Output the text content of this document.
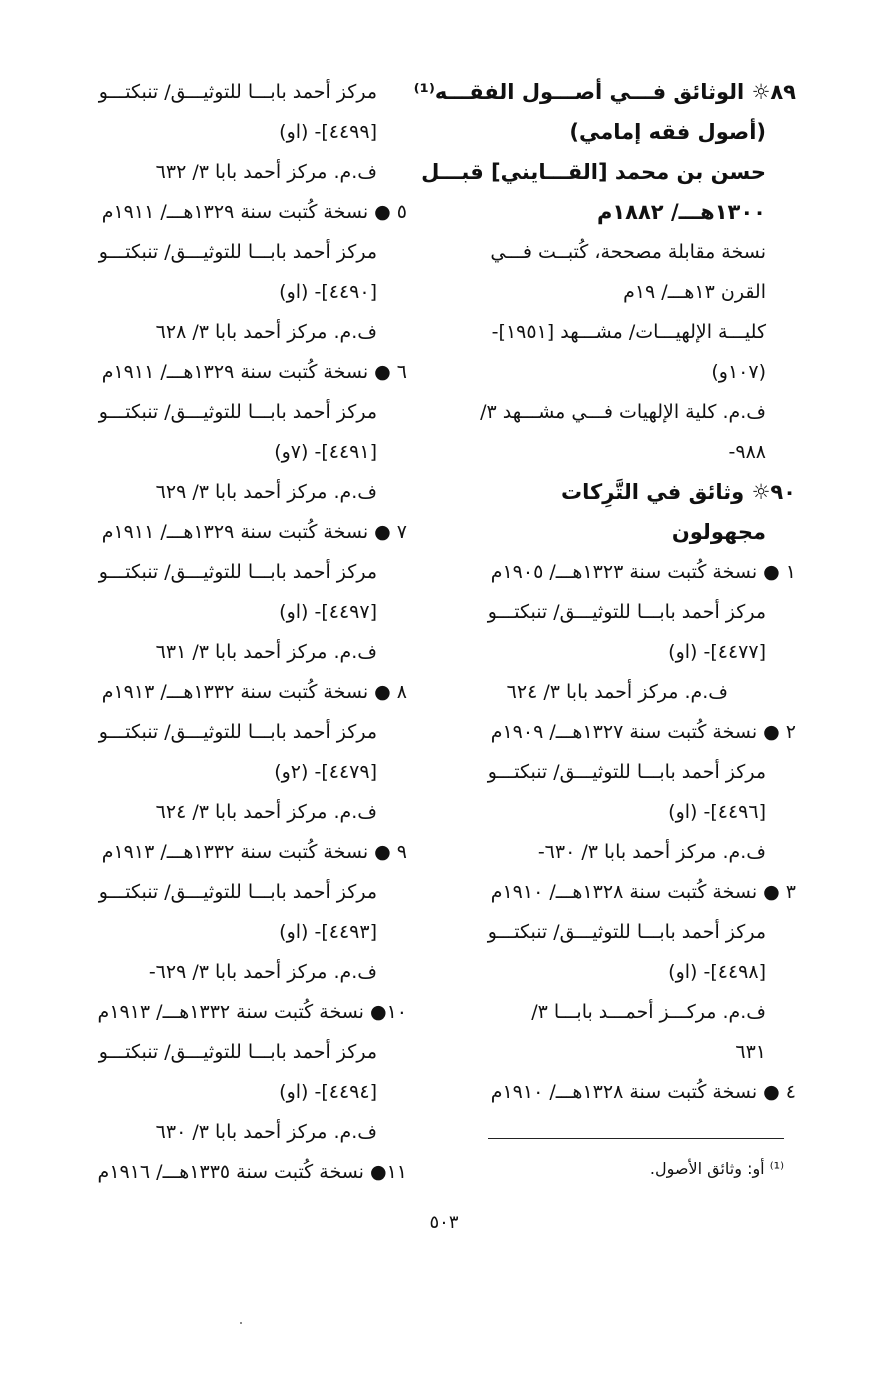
٨٩☼ الوثائق فـــي أصـــول الفقـــه⁽¹⁾
(أصول فقه إمامي)
حسن بن محمد [القـــايني] قبـــل
١٣٠٠هـــ/ ١٨٨٢م
نسخة مقابلة مصححة، كُتبــت فـــي
القرن ١٣هـــ/ ١٩م
كليـــة الإلهيـــات/ مشـــهد [١٩٥١]-
(١٠٧و)
ف.م. كلية الإلهيات فـــي مشـــهد ٣/
٩٨٨-
٩٠☼ وثائق في التَّرِكات
مجهولون
١ ● نسخة كُتبت سنة ١٣٢٣هـــ/ ١٩٠٥م
مركز أحمد بابـــا للتوثيـــق/ تنبكتـــو
[٤٤٧٧]- (او)
ف.م. مركز أحمد بابا ٣/ ٦٢٤
٢ ● نسخة كُتبت سنة ١٣٢٧هـــ/ ١٩٠٩م
مركز أحمد بابـــا للتوثيـــق/ تنبكتـــو
[٤٤٩٦]- (او)
ف.م. مركز أحمد بابا ٣/ ٦٣٠-
٣ ● نسخة كُتبت سنة ١٣٢٨هـــ/ ١٩١٠م
مركز أحمد بابـــا للتوثيـــق/ تنبكتـــو
[٤٤٩٨]- (او)
ف.م. مركـــز أحمـــد بابـــا ٣/
٦٣١
٤ ● نسخة كُتبت سنة ١٣٢٨هـــ/ ١٩١٠م
مركز أحمد بابـــا للتوثيـــق/ تنبكتـــو
[٤٤٩٩]- (او)
ف.م. مركز أحمد بابا ٣/ ٦٣٢
٥ ● نسخة كُتبت سنة ١٣٢٩هـــ/ ١٩١١م
مركز أحمد بابـــا للتوثيـــق/ تنبكتـــو
[٤٤٩٠]- (او)
ف.م. مركز أحمد بابا ٣/ ٦٢٨
٦ ● نسخة كُتبت سنة ١٣٢٩هـــ/ ١٩١١م
مركز أحمد بابـــا للتوثيـــق/ تنبكتـــو
[٤٤٩١]- (٧و)
ف.م. مركز أحمد بابا ٣/ ٦٢٩
٧ ● نسخة كُتبت سنة ١٣٢٩هـــ/ ١٩١١م
مركز أحمد بابـــا للتوثيـــق/ تنبكتـــو
[٤٤٩٧]- (او)
ف.م. مركز أحمد بابا ٣/ ٦٣١
٨ ● نسخة كُتبت سنة ١٣٣٢هـــ/ ١٩١٣م
مركز أحمد بابـــا للتوثيـــق/ تنبكتـــو
[٤٤٧٩]- (٢و)
ف.م. مركز أحمد بابا ٣/ ٦٢٤
٩ ● نسخة كُتبت سنة ١٣٣٢هـــ/ ١٩١٣م
مركز أحمد بابـــا للتوثيـــق/ تنبكتـــو
[٤٤٩٣]- (او)
ف.م. مركز أحمد بابا ٣/ ٦٢٩-
١٠● نسخة كُتبت سنة ١٣٣٢هـــ/ ١٩١٣م
مركز أحمد بابـــا للتوثيـــق/ تنبكتـــو
[٤٤٩٤]- (او)
ف.م. مركز أحمد بابا ٣/ ٦٣٠
١١● نسخة كُتبت سنة ١٣٣٥هـــ/ ١٩١٦م	⁽¹⁾ أو: وثائق الأصول.
٥٠٣
